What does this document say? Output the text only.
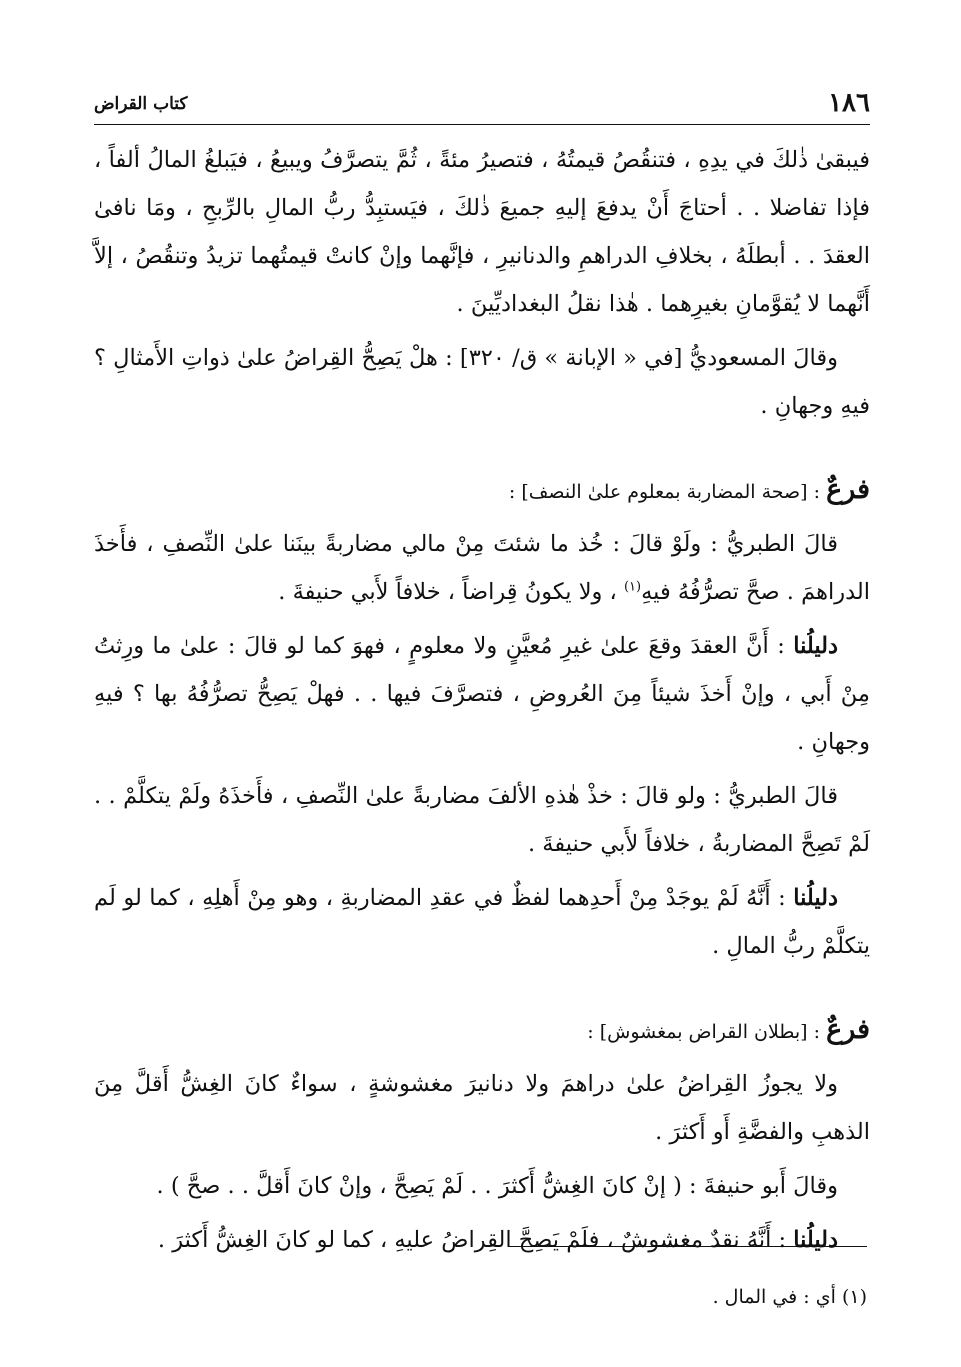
١٨٦
كتاب القراض

فيبقىٰ ذٰلكَ في يدِهِ ، فتنقُصُ قيمتُهُ ، فتصيرُ مئةً ، ثُمَّ يتصرَّفُ ويبيعُ ، فيَبلغُ المالُ ألفاً ، فإذا تفاضلا . . أحتاجَ أَنْ يدفعَ إليهِ جميعَ ذٰلكَ ، فيَستبِدُّ ربُّ المالِ بالرِّبحِ ، ومَا نافىٰ العقدَ . . أبطلَهُ ، بخلافِ الدراهمِ والدنانيرِ ، فإنَّهما وإنْ كانتْ قيمتُهما تزيدُ وتنقُصُ ، إلاَّ أَنَّهما لا يُقوَّمانِ بغيرِهما . هٰذا نقلُ البغداديِّينَ .

وقالَ المسعوديُّ [في « الإبانة » ق/ ٣٢٠] : هلْ يَصِحُّ القِراضُ علىٰ ذواتِ الأَمثالِ ؟ فيهِ وجهانِ .

فرعٌ : [صحة المضاربة بمعلوم علىٰ النصف] :

قالَ الطبريُّ : ولَوْ قالَ : خُذ ما شئتَ مِنْ مالي مضاربةً بينَنا علىٰ النِّصفِ ، فأَخذَ الدراهمَ . صحَّ تصرُّفُهُ فيهِ$^{(١)}$ ، ولا يكونُ قِراضاً ، خلافاً لأَبي حنيفةَ .

دليلُنا : أَنَّ العقدَ وقعَ علىٰ غيرِ مُعيَّنٍ ولا معلومٍ ، فهوَ كما لو قالَ : علىٰ ما ورِثتُ مِنْ أَبي ، وإنْ أَخذَ شيئاً مِنَ العُروضِ ، فتصرَّفَ فيها . . فهلْ يَصِحُّ تصرُّفُهُ بها ؟ فيهِ وجهانِ .

قالَ الطبريُّ : ولو قالَ : خذْ هٰذهِ الألفَ مضاربةً علىٰ النِّصفِ ، فأَخذَهُ ولَمْ يتكلَّمْ . . لَمْ تَصِحَّ المضاربةُ ، خلافاً لأَبي حنيفةَ .

دليلُنا : أَنَّهُ لَمْ يوجَدْ مِنْ أَحدِهما لفظٌ في عقدِ المضاربةِ ، وهو مِنْ أَهلِهِ ، كما لو لَم يتكلَّمْ ربُّ المالِ .

فرعٌ : [بطلان القراض بمغشوش] :

ولا يجوزُ القِراضُ علىٰ دراهمَ ولا دنانيرَ مغشوشةٍ ، سواءٌ كانَ الغِشُّ أَقلَّ مِنَ الذهبِ والفضَّةِ أَو أَكثرَ .

وقالَ أَبو حنيفةَ : ( إنْ كانَ الغِشُّ أَكثرَ . . لَمْ يَصِحَّ ، وإنْ كانَ أَقلَّ . . صحَّ ) .

دليلُنا : أَنَّهُ نقدٌ مغشوشٌ ، فلَمْ يَصِحَّ القِراضُ عليهِ ، كما لو كانَ الغِشُّ أَكثرَ .

(١) أي : في المال .
